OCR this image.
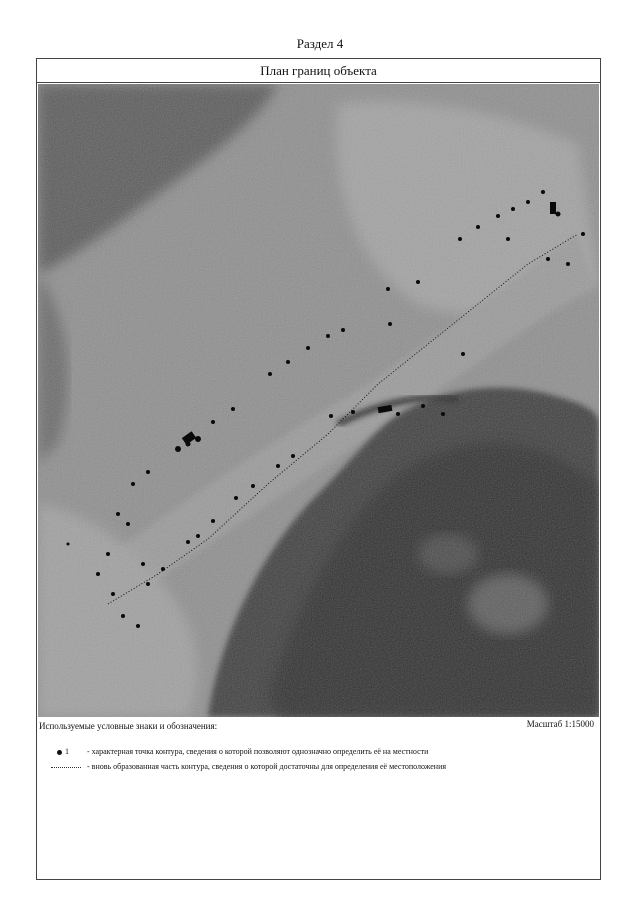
Раздел 4
План границ объекта
Используемые условные знаки и обозначения:	Масштаб 1:15000
1	- характерная точка контура, сведения о которой позволяют однозначно определить её на местности
- вновь образованная часть контура, сведения о которой достаточны для определения её местоположения
